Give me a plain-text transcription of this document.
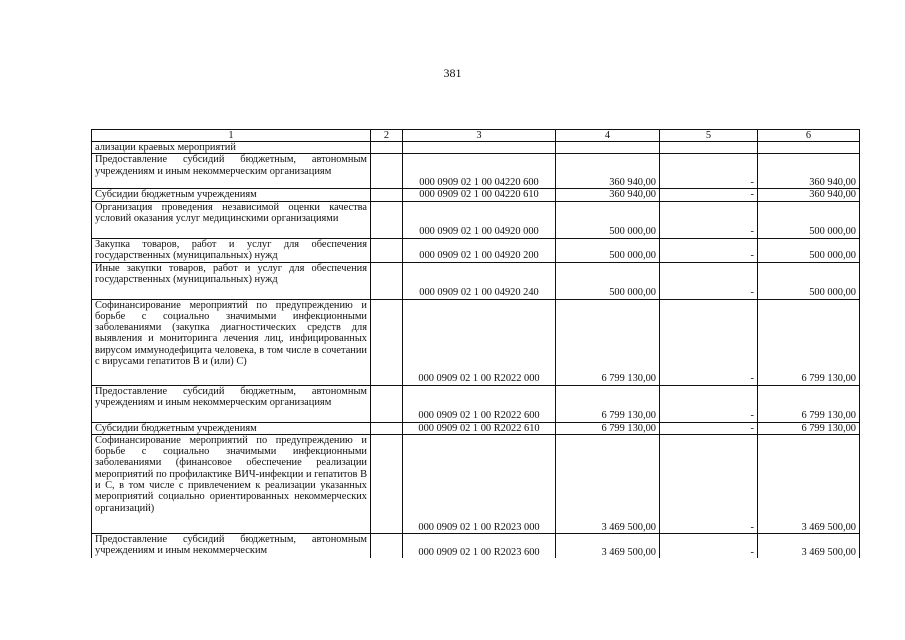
381
1	2	3	4	5	6
ализации краевых мероприятий					
Предоставление субсидий бюджетным, автономным учреждениям и иным некоммерческим организациям		000 0909 02 1 00 04220 600	360 940,00	-	360 940,00
Субсидии бюджетным учреждениям		000 0909 02 1 00 04220 610	360 940,00	-	360 940,00
Организация проведения независимой оценки качества условий оказания услуг медицинскими организациями		000 0909 02 1 00 04920 000	500 000,00	-	500 000,00
Закупка товаров, работ и услуг для обеспечения государственных (муниципальных) нужд		000 0909 02 1 00 04920 200	500 000,00	-	500 000,00
Иные закупки товаров, работ и услуг для обеспечения государственных (муниципальных) нужд		000 0909 02 1 00 04920 240	500 000,00	-	500 000,00
Софинансирование мероприятий по предупреждению и борьбе с социально значимыми инфекционными заболеваниями (закупка диагностических средств для выявления и мониторинга лечения лиц, инфицированных вирусом иммунодефицита человека, в том числе в сочетании с вирусами гепатитов В и (или) С)		000 0909 02 1 00 R2022 000	6 799 130,00	-	6 799 130,00
Предоставление субсидий бюджетным, автономным учреждениям и иным некоммерческим организациям		000 0909 02 1 00 R2022 600	6 799 130,00	-	6 799 130,00
Субсидии бюджетным учреждениям		000 0909 02 1 00 R2022 610	6 799 130,00	-	6 799 130,00
Софинансирование мероприятий по предупреждению и борьбе с социально значимыми инфекционными заболеваниями (финансовое обеспечение реализации мероприятий по профилактике ВИЧ-инфекции и гепатитов В и С, в том числе с привлечением к реализации указанных мероприятий социально ориентированных некоммерческих организаций)		000 0909 02 1 00 R2023 000	3 469 500,00	-	3 469 500,00
Предоставление субсидий бюджетным, автономным учреждениям и иным некоммерческим		000 0909 02 1 00 R2023 600	3 469 500,00	-	3 469 500,00
